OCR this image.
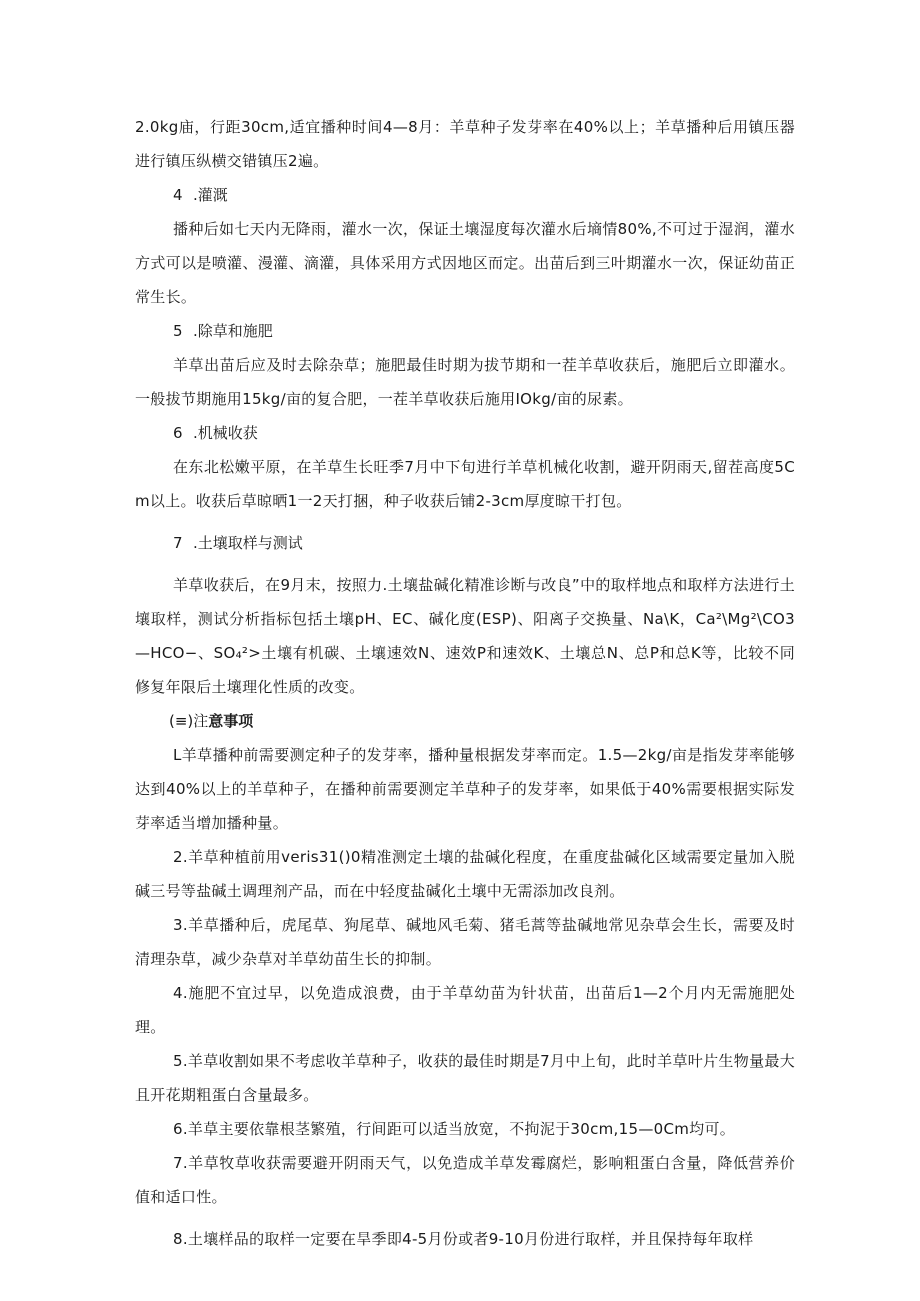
2.0kg庙，行距30cm,适宜播种时间4—8月：羊草种子发芽率在40%以上；羊草播种后用镇压器进行镇压纵横交错镇压2遍。

4 .灌溉

播种后如七天内无降雨，灌水一次，保证土壤湿度每次灌水后墒情80%,不可过于湿润，灌水方式可以是喷灌、漫灌、滴灌，具体采用方式因地区而定。出苗后到三叶期灌水一次，保证幼苗正常生长。

5 .除草和施肥

羊草出苗后应及时去除杂草；施肥最佳时期为拔节期和一茬羊草收获后，施肥后立即灌水。一般拔节期施用15kg∕亩的复合肥，一茬羊草收获后施用IOkg/亩的尿素。

6 .机械收获

在东北松嫩平原，在羊草生长旺季7月中下旬进行羊草机械化收割，避开阴雨天,留茬高度5Cm以上。收获后草晾晒1一2天打捆，种子收获后铺2-3cm厚度晾干打包。

7 .土壤取样与测试

羊草收获后，在9月末，按照力.土壤盐碱化精准诊断与改良”中的取样地点和取样方法进行土壤取样，测试分析指标包括土壤pH、EC、碱化度(ESP)、阳离子交换量、Na\K，Ca²\Mg²\CO3—HCO−、SO₄²>土壤有机碳、土壤速效N、速效P和速效K、土壤总N、总P和总K等，比较不同修复年限后土壤理化性质的改变。

(≡)注意事项

L羊草播种前需要测定种子的发芽率，播种量根据发芽率而定。1.5—2kg∕亩是指发芽率能够达到40%以上的羊草种子，在播种前需要测定羊草种子的发芽率，如果低于40%需要根据实际发芽率适当增加播种量。

2.羊草种植前用veris31()0精准测定土壤的盐碱化程度，在重度盐碱化区域需要定量加入脱碱三号等盐碱土调理剂产品，而在中轻度盐碱化土壤中无需添加改良剂。

3.羊草播种后，虎尾草、狗尾草、碱地风毛菊、猪毛蒿等盐碱地常见杂草会生长，需要及时清理杂草，减少杂草对羊草幼苗生长的抑制。

4.施肥不宜过早，以免造成浪费，由于羊草幼苗为针状苗，出苗后1—2个月内无需施肥处理。

5.羊草收割如果不考虑收羊草种子，收获的最佳时期是7月中上旬，此时羊草叶片生物量最大且开花期粗蛋白含量最多。

6.羊草主要依靠根茎繁殖，行间距可以适当放宽，不拘泥于30cm,15—0Cm均可。

7.羊草牧草收获需要避开阴雨天气，以免造成羊草发霉腐烂，影响粗蛋白含量，降低营养价值和适口性。

8.土壤样品的取样一定要在旱季即4-5月份或者9-10月份进行取样，并且保持每年取样
